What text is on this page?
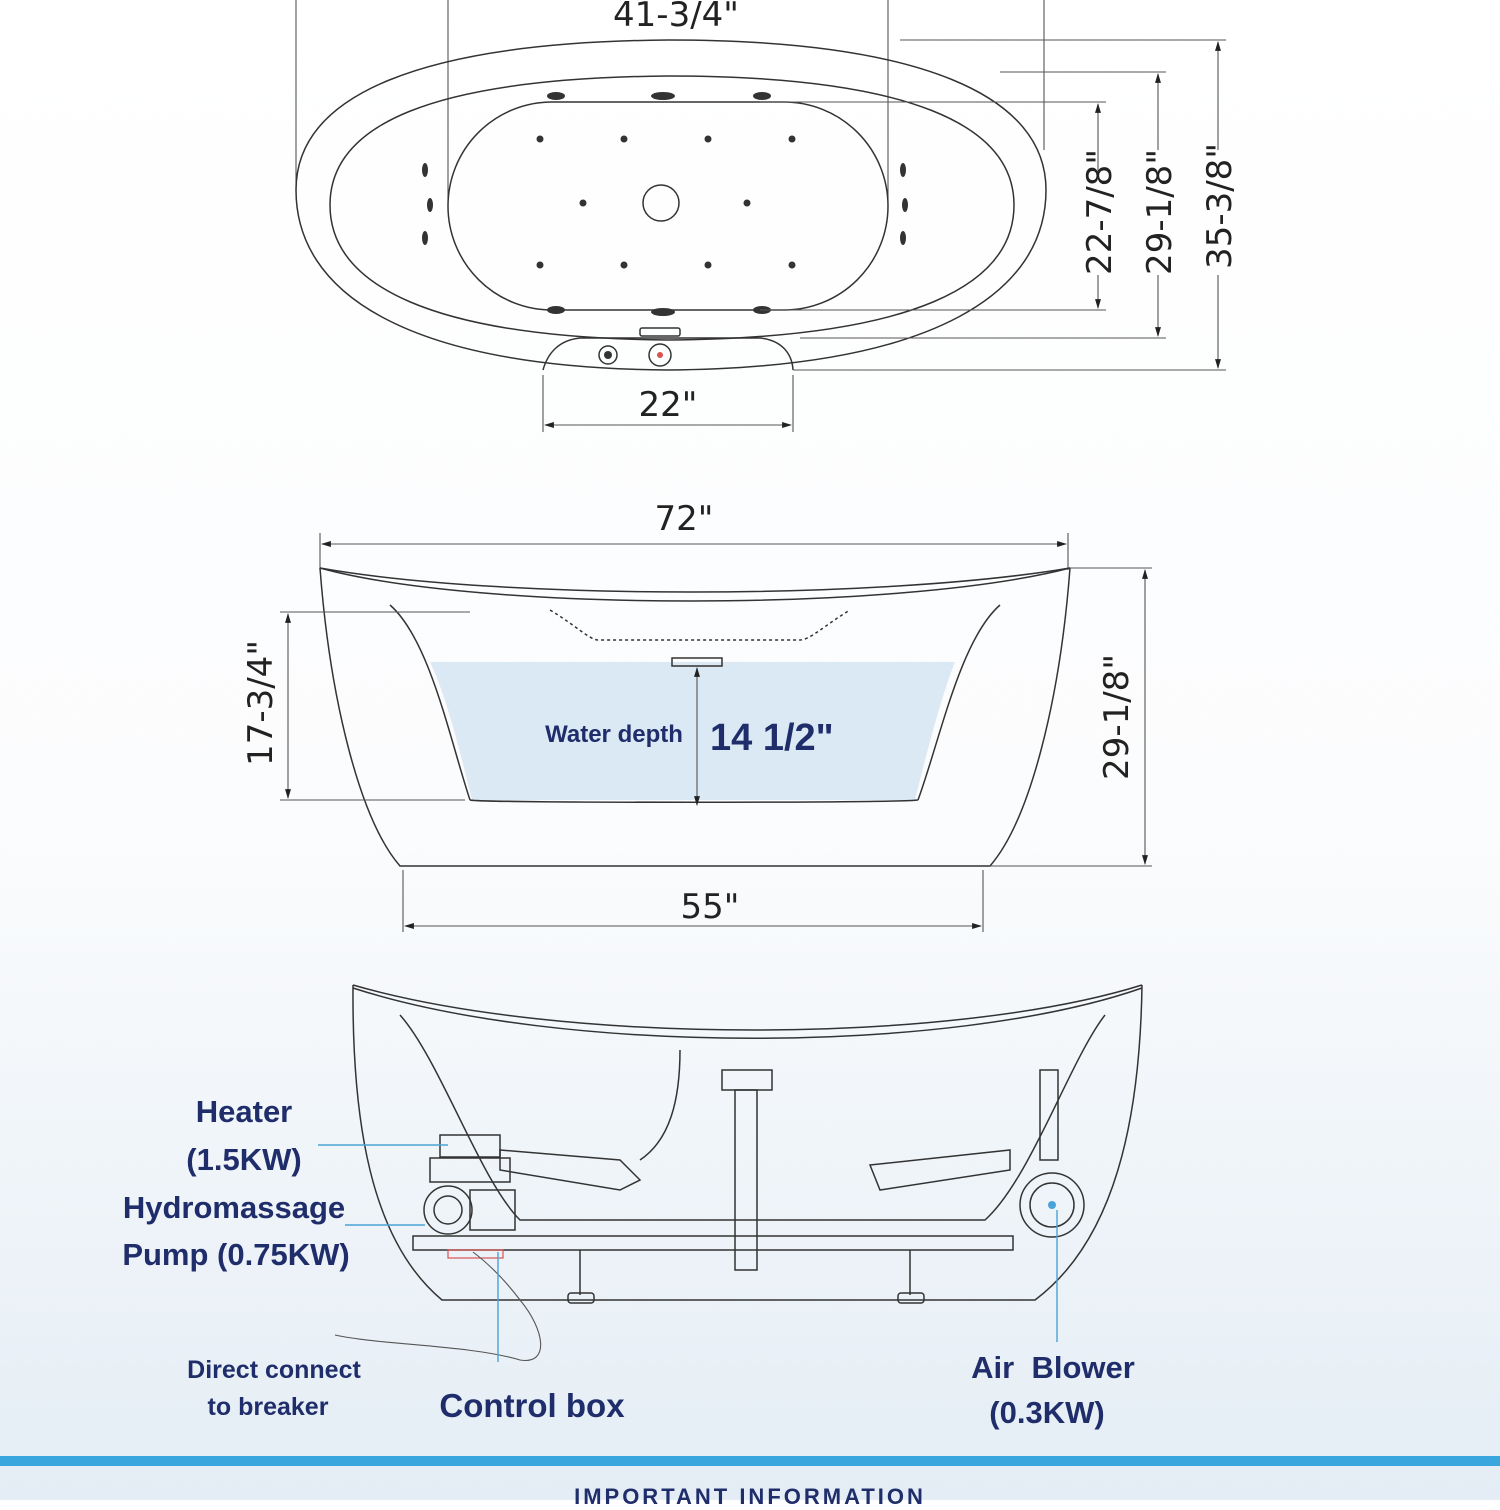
41-3/4"
22-7/8" 29-1/8" 35-3/8"
22"
72"
Water depth 14 1/2"
17-3/4"	29-1/8"
55"
Heater
(1.5KW)
Hydromassage
Pump (0.75KW)
Direct connect
to breaker	Control box
Air  Blower
(0.3KW)
IMPORTANT INFORMATION
